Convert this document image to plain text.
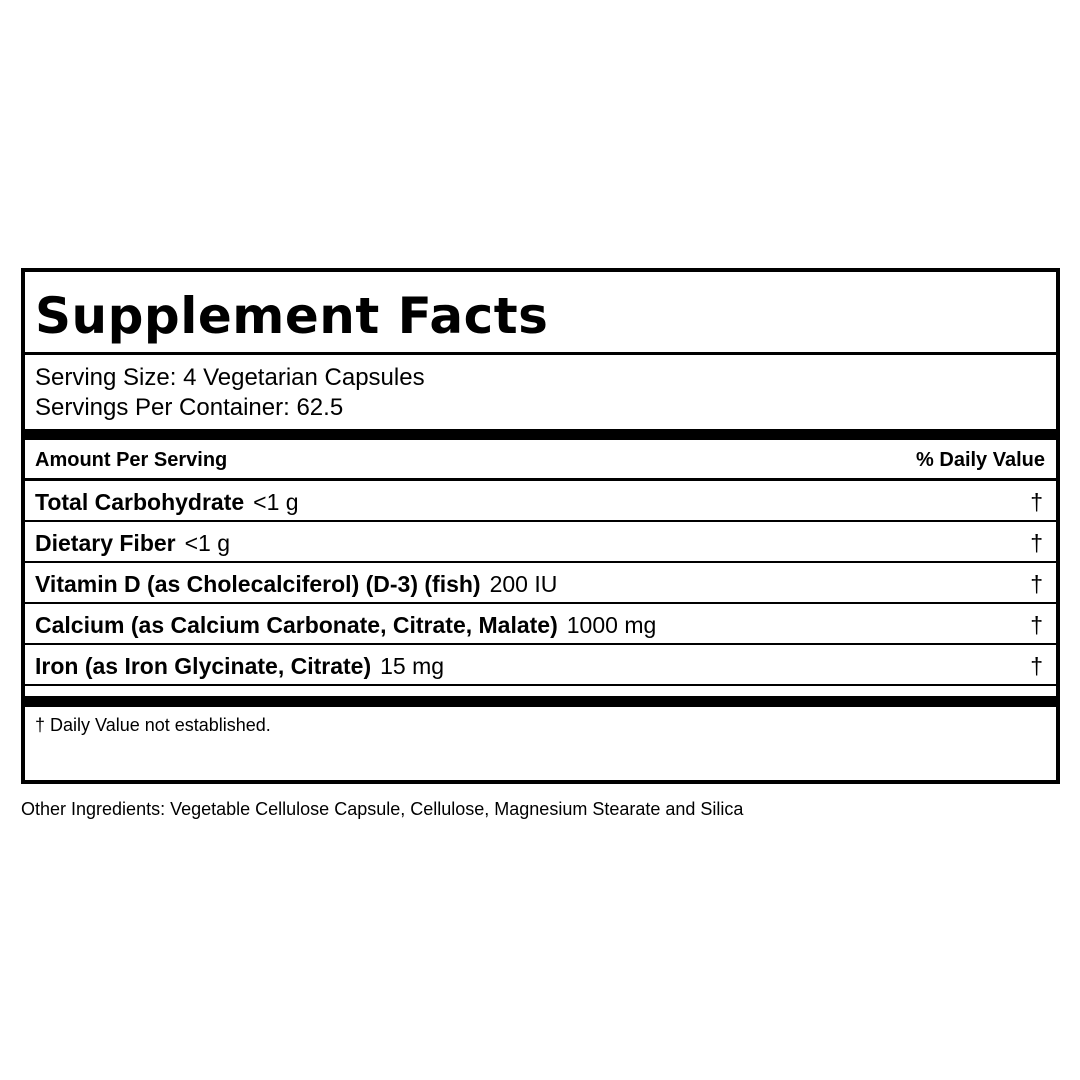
Supplement Facts
Serving Size: 4 Vegetarian Capsules
Servings Per Container: 62.5
Amount Per Serving	% Daily Value
Total Carbohydrate <1 g	†
Dietary Fiber <1 g	†
Vitamin D (as Cholecalciferol) (D-3) (fish) 200 IU	†
Calcium (as Calcium Carbonate, Citrate, Malate) 1000 mg	†
Iron (as Iron Glycinate, Citrate) 15 mg	†
† Daily Value not established.
Other Ingredients: Vegetable Cellulose Capsule, Cellulose, Magnesium Stearate and Silica
